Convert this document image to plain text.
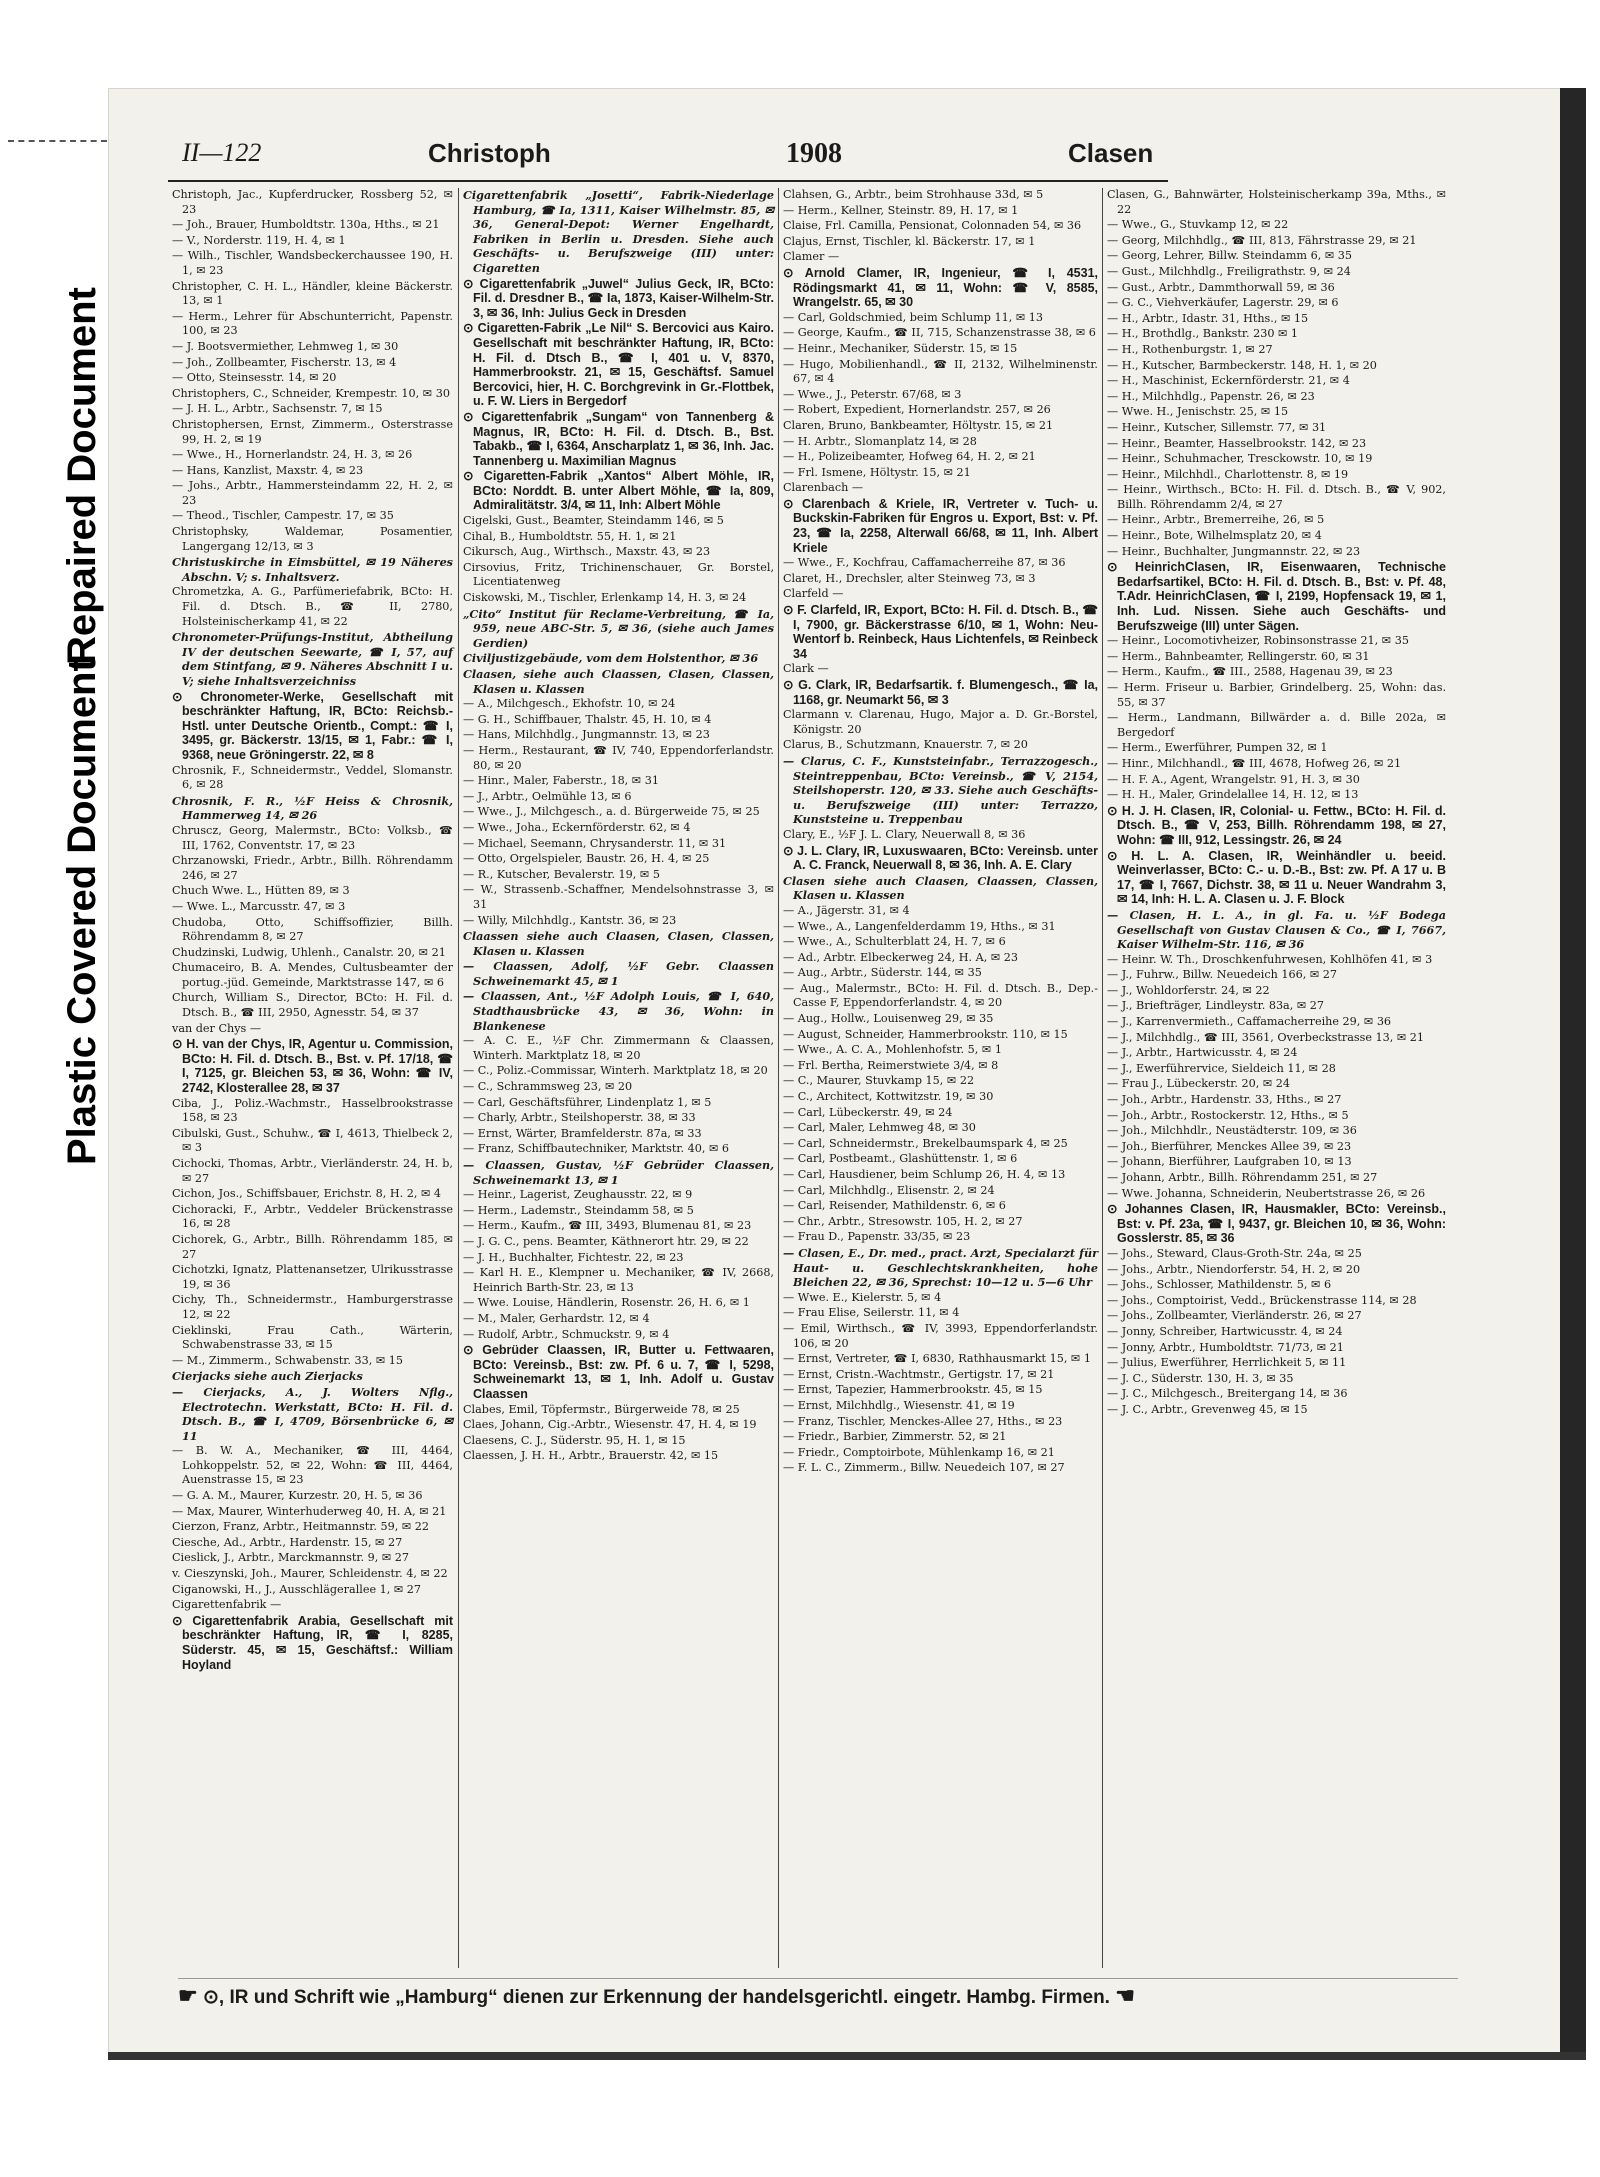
Repaired Document
Plastic Covered Document
II—122	Christoph	1908	Clasen

Christoph, Jac., Kupferdrucker, Rossberg 52, ✉ 23

— Joh., Brauer, Humboldtstr. 130a, Hths., ✉ 21

— V., Norderstr. 119, H. 4, ✉ 1

— Wilh., Tischler, Wandsbeckerchaussee 190, H. 1, ✉ 23

Christopher, C. H. L., Händler, kleine Bäckerstr. 13, ✉ 1

— Herm., Lehrer für Abschunterricht, Papenstr. 100, ✉ 23

— J. Bootsvermiether, Lehmweg 1, ✉ 30

— Joh., Zollbeamter, Fischerstr. 13, ✉ 4

— Otto, Steinsesstr. 14, ✉ 20

Christophers, C., Schneider, Krempestr. 10, ✉ 30

— J. H. L., Arbtr., Sachsenstr. 7, ✉ 15

Christophersen, Ernst, Zimmerm., Osterstrasse 99, H. 2, ✉ 19

— Wwe., H., Hornerlandstr. 24, H. 3, ✉ 26

— Hans, Kanzlist, Maxstr. 4, ✉ 23

— Johs., Arbtr., Hammersteindamm 22, H. 2, ✉ 23

— Theod., Tischler, Campestr. 17, ✉ 35

Christophsky, Waldemar, Posamentier, Langergang 12/13, ✉ 3

Christuskirche in Eimsbüttel, ✉ 19 Näheres Abschn. V; s. Inhaltsverz.

Chrometzka, A. G., Parfümeriefabrik, BCto: H. Fil. d. Dtsch. B., ☎ II, 2780, Holsteinischerkamp 41, ✉ 22

Chronometer-Prüfungs-Institut, Abtheilung IV der deutschen Seewarte, ☎ I, 57, auf dem Stintfang, ✉ 9. Näheres Abschnitt I u. V; siehe Inhaltsverzeichniss

⊙ Chronometer-Werke, Gesellschaft mit beschränkter Haftung, IR, BCto: Reichsb.-Hstl. unter Deutsche Orientb., Compt.: ☎ I, 3495, gr. Bäckerstr. 13/15, ✉ 1, Fabr.: ☎ I, 9368, neue Gröningerstr. 22, ✉ 8

Chrosnik, F., Schneidermstr., Veddel, Slomanstr. 6, ✉ 28

Chrosnik, F. R., ½F Heiss & Chrosnik, Hammerweg 14, ✉ 26

Chruscz, Georg, Malermstr., BCto: Volksb., ☎ III, 1762, Conventstr. 17, ✉ 23

Chrzanowski, Friedr., Arbtr., Billh. Röhrendamm 246, ✉ 27

Chuch Wwe. L., Hütten 89, ✉ 3

— Wwe. L., Marcusstr. 47, ✉ 3

Chudoba, Otto, Schiffsoffizier, Billh. Röhrendamm 8, ✉ 27

Chudzinski, Ludwig, Uhlenh., Canalstr. 20, ✉ 21

Chumaceiro, B. A. Mendes, Cultusbeamter der portug.-jüd. Gemeinde, Marktstrasse 147, ✉ 6

Church, William S., Director, BCto: H. Fil. d. Dtsch. B., ☎ III, 2950, Agnesstr. 54, ✉ 37

van der Chys —

⊙ H. van der Chys, IR, Agentur u. Commission, BCto: H. Fil. d. Dtsch. B., Bst. v. Pf. 17/18, ☎ I, 7125, gr. Bleichen 53, ✉ 36, Wohn: ☎ IV, 2742, Klosterallee 28, ✉ 37

Ciba, J., Poliz.-Wachmstr., Hasselbrookstrasse 158, ✉ 23

Cibulski, Gust., Schuhw., ☎ I, 4613, Thielbeck 2, ✉ 3

Cichocki, Thomas, Arbtr., Vierländerstr. 24, H. b, ✉ 27

Cichon, Jos., Schiffsbauer, Erichstr. 8, H. 2, ✉ 4

Cichoracki, F., Arbtr., Veddeler Brückenstrasse 16, ✉ 28

Cichorek, G., Arbtr., Billh. Röhrendamm 185, ✉ 27

Cichotzki, Ignatz, Plattenansetzer, Ulrikusstrasse 19, ✉ 36

Cichy, Th., Schneidermstr., Hamburgerstrasse 12, ✉ 22

Cieklinski, Frau Cath., Wärterin, Schwabenstrasse 33, ✉ 15

— M., Zimmerm., Schwabenstr. 33, ✉ 15

Cierjacks siehe auch Zierjacks

— Cierjacks, A., J. Wolters Nflg., Electrotechn. Werkstatt, BCto: H. Fil. d. Dtsch. B., ☎ I, 4709, Börsenbrücke 6, ✉ 11

— B. W. A., Mechaniker, ☎ III, 4464, Lohkoppelstr. 52, ✉ 22, Wohn: ☎ III, 4464, Auenstrasse 15, ✉ 23

— G. A. M., Maurer, Kurzestr. 20, H. 5, ✉ 36

— Max, Maurer, Winterhuderweg 40, H. A, ✉ 21

Cierzon, Franz, Arbtr., Heitmannstr. 59, ✉ 22

Ciesche, Ad., Arbtr., Hardenstr. 15, ✉ 27

Cieslick, J., Arbtr., Marckmannstr. 9, ✉ 27

v. Cieszynski, Joh., Maurer, Schleidenstr. 4, ✉ 22

Ciganowski, H., J., Ausschlägerallee 1, ✉ 27

Cigarettenfabrik —

⊙ Cigarettenfabrik Arabia, Gesellschaft mit beschränkter Haftung, IR, ☎ I, 8285, Süderstr. 45, ✉ 15, Geschäftsf.: William Hoyland

Cigarettenfabrik „Josetti“, Fabrik-Niederlage Hamburg, ☎ Ia, 1311, Kaiser Wilhelmstr. 85, ✉ 36, General-Depot: Werner Engelhardt, Fabriken in Berlin u. Dresden. Siehe auch Geschäfts- u. Berufszweige (III) unter: Cigaretten

⊙ Cigarettenfabrik „Juwel“ Julius Geck, IR, BCto: Fil. d. Dresdner B., ☎ Ia, 1873, Kaiser-Wilhelm-Str. 3, ✉ 36, Inh: Julius Geck in Dresden

⊙ Cigaretten-Fabrik „Le Nil“ S. Bercovici aus Kairo. Gesellschaft mit beschränkter Haftung, IR, BCto: H. Fil. d. Dtsch B., ☎ I, 401 u. V, 8370, Hammerbrookstr. 21, ✉ 15, Geschäftsf. Samuel Bercovici, hier, H. C. Borchgrevink in Gr.-Flottbek, u. F. W. Liers in Bergedorf

⊙ Cigarettenfabrik „Sungam“ von Tannenberg & Magnus, IR, BCto: H. Fil. d. Dtsch. B., Bst. Tabakb., ☎ I, 6364, Anscharplatz 1, ✉ 36, Inh. Jac. Tannenberg u. Maximilian Magnus

⊙ Cigaretten-Fabrik „Xantos“ Albert Möhle, IR, BCto: Norddt. B. unter Albert Möhle, ☎ Ia, 809, Admiralitätstr. 3/4, ✉ 11, Inh: Albert Möhle

Cigelski, Gust., Beamter, Steindamm 146, ✉ 5

Cihal, B., Humboldtstr. 55, H. 1, ✉ 21

Cikursch, Aug., Wirthsch., Maxstr. 43, ✉ 23

Cirsovius, Fritz, Trichinenschauer, Gr. Borstel, Licentiatenweg

Ciskowski, M., Tischler, Erlenkamp 14, H. 3, ✉ 24

„Cito“ Institut für Reclame-Verbreitung, ☎ Ia, 959, neue ABC-Str. 5, ✉ 36, (siehe auch James Gerdien)

Civiljustizgebäude, vom dem Holstenthor, ✉ 36

Claasen, siehe auch Claassen, Clasen, Classen, Klasen u. Klassen

— A., Milchgesch., Ekhofstr. 10, ✉ 24

— G. H., Schiffbauer, Thalstr. 45, H. 10, ✉ 4

— Hans, Milchhdlg., Jungmannstr. 13, ✉ 23

— Herm., Restaurant, ☎ IV, 740, Eppendorferlandstr. 80, ✉ 20

— Hinr., Maler, Faberstr., 18, ✉ 31

— J., Arbtr., Oelmühle 13, ✉ 6

— Wwe., J., Milchgesch., a. d. Bürgerweide 75, ✉ 25

— Wwe., Joha., Eckernförderstr. 62, ✉ 4

— Michael, Seemann, Chrysanderstr. 11, ✉ 31

— Otto, Orgelspieler, Baustr. 26, H. 4, ✉ 25

— R., Kutscher, Bevalerstr. 19, ✉ 5

— W., Strassenb.-Schaffner, Mendelsohnstrasse 3, ✉ 31

— Willy, Milchhdlg., Kantstr. 36, ✉ 23

Claassen siehe auch Claasen, Clasen, Classen, Klasen u. Klassen

— Claassen, Adolf, ½F Gebr. Claassen Schweinemarkt 45, ✉ 1

— Claassen, Ant., ½F Adolph Louis, ☎ I, 640, Stadthausbrücke 43, ✉ 36, Wohn: in Blankenese

— A. C. E., ½F Chr. Zimmermann & Claassen, Winterh. Marktplatz 18, ✉ 20

— C., Poliz.-Commissar, Winterh. Marktplatz 18, ✉ 20

— C., Schrammsweg 23, ✉ 20

— Carl, Geschäftsführer, Lindenplatz 1, ✉ 5

— Charly, Arbtr., Steilshoperstr. 38, ✉ 33

— Ernst, Wärter, Bramfelderstr. 87a, ✉ 33

— Franz, Schiffbautechniker, Marktstr. 40, ✉ 6

— Claassen, Gustav, ½F Gebrüder Claassen, Schweinemarkt 13, ✉ 1

— Heinr., Lagerist, Zeughausstr. 22, ✉ 9

— Herm., Lademstr., Steindamm 58, ✉ 5

— Herm., Kaufm., ☎ III, 3493, Blumenau 81, ✉ 23

— J. G. C., pens. Beamter, Käthnerort htr. 29, ✉ 22

— J. H., Buchhalter, Fichtestr. 22, ✉ 23

— Karl H. E., Klempner u. Mechaniker, ☎ IV, 2668, Heinrich Barth-Str. 23, ✉ 13

— Wwe. Louise, Händlerin, Rosenstr. 26, H. 6, ✉ 1

— M., Maler, Gerhardstr. 12, ✉ 4

— Rudolf, Arbtr., Schmuckstr. 9, ✉ 4

⊙ Gebrüder Claassen, IR, Butter u. Fettwaaren, BCto: Vereinsb., Bst: zw. Pf. 6 u. 7, ☎ I, 5298, Schweinemarkt 13, ✉ 1, Inh. Adolf u. Gustav Claassen

Clabes, Emil, Töpfermstr., Bürgerweide 78, ✉ 25

Claes, Johann, Cig.-Arbtr., Wiesenstr. 47, H. 4, ✉ 19

Claesens, C. J., Süderstr. 95, H. 1, ✉ 15

Claessen, J. H. H., Arbtr., Brauerstr. 42, ✉ 15

Clahsen, G., Arbtr., beim Strohhause 33d, ✉ 5

— Herm., Kellner, Steinstr. 89, H. 17, ✉ 1

Claise, Frl. Camilla, Pensionat, Colonnaden 54, ✉ 36

Clajus, Ernst, Tischler, kl. Bäckerstr. 17, ✉ 1

Clamer —

⊙ Arnold Clamer, IR, Ingenieur, ☎ I, 4531, Rödingsmarkt 41, ✉ 11, Wohn: ☎ V, 8585, Wrangelstr. 65, ✉ 30

— Carl, Goldschmied, beim Schlump 11, ✉ 13

— George, Kaufm., ☎ II, 715, Schanzenstrasse 38, ✉ 6

— Heinr., Mechaniker, Süderstr. 15, ✉ 15

— Hugo, Mobilienhandl., ☎ II, 2132, Wilhelminenstr. 67, ✉ 4

— Wwe., J., Peterstr. 67/68, ✉ 3

— Robert, Expedient, Hornerlandstr. 257, ✉ 26

Claren, Bruno, Bankbeamter, Höltystr. 15, ✉ 21

— H. Arbtr., Slomanplatz 14, ✉ 28

— H., Polizeibeamter, Hofweg 64, H. 2, ✉ 21

— Frl. Ismene, Höltystr. 15, ✉ 21

Clarenbach —

⊙ Clarenbach & Kriele, IR, Vertreter v. Tuch- u. Buckskin-Fabriken für Engros u. Export, Bst: v. Pf. 23, ☎ Ia, 2258, Alterwall 66/68, ✉ 11, Inh. Albert Kriele

— Wwe., F., Kochfrau, Caffamacherreihe 87, ✉ 36

Claret, H., Drechsler, alter Steinweg 73, ✉ 3

Clarfeld —

⊙ F. Clarfeld, IR, Export, BCto: H. Fil. d. Dtsch. B., ☎ I, 7900, gr. Bäckerstrasse 6/10, ✉ 1, Wohn: Neu-Wentorf b. Reinbeck, Haus Lichtenfels, ✉ Reinbeck 34

Clark —

⊙ G. Clark, IR, Bedarfsartik. f. Blumengesch., ☎ Ia, 1168, gr. Neumarkt 56, ✉ 3

Clarmann v. Clarenau, Hugo, Major a. D. Gr.-Borstel, Königstr. 20

Clarus, B., Schutzmann, Knauerstr. 7, ✉ 20

— Clarus, C. F., Kunststeinfabr., Terrazzogesch., Steintreppenbau, BCto: Vereinsb., ☎ V, 2154, Steilshoperstr. 120, ✉ 33. Siehe auch Geschäfts- u. Berufszweige (III) unter: Terrazzo, Kunststeine u. Treppenbau

Clary, E., ½F J. L. Clary, Neuerwall 8, ✉ 36

⊙ J. L. Clary, IR, Luxuswaaren, BCto: Vereinsb. unter A. C. Franck, Neuerwall 8, ✉ 36, Inh. A. E. Clary

Clasen siehe auch Claasen, Claassen, Classen, Klasen u. Klassen

— A., Jägerstr. 31, ✉ 4

— Wwe., A., Langenfelderdamm 19, Hths., ✉ 31

— Wwe., A., Schulterblatt 24, H. 7, ✉ 6

— Ad., Arbtr. Elbeckerweg 24, H. A, ✉ 23

— Aug., Arbtr., Süderstr. 144, ✉ 35

— Aug., Malermstr., BCto: H. Fil. d. Dtsch. B., Dep.-Casse F, Eppendorferlandstr. 4, ✉ 20

— Aug., Hollw., Louisenweg 29, ✉ 35

— August, Schneider, Hammerbrookstr. 110, ✉ 15

— Wwe., A. C. A., Mohlenhofstr. 5, ✉ 1

— Frl. Bertha, Reimerstwiete 3/4, ✉ 8

— C., Maurer, Stuvkamp 15, ✉ 22

— C., Architect, Kottwitzstr. 19, ✉ 30

— Carl, Lübeckerstr. 49, ✉ 24

— Carl, Maler, Lehmweg 48, ✉ 30

— Carl, Schneidermstr., Brekelbaumspark 4, ✉ 25

— Carl, Postbeamt., Glashüttenstr. 1, ✉ 6

— Carl, Hausdiener, beim Schlump 26, H. 4, ✉ 13

— Carl, Milchhdlg., Elisenstr. 2, ✉ 24

— Carl, Reisender, Mathildenstr. 6, ✉ 6

— Chr., Arbtr., Stresowstr. 105, H. 2, ✉ 27

— Frau D., Papenstr. 33/35, ✉ 23

— Clasen, E., Dr. med., pract. Arzt, Specialarzt für Haut- u. Geschlechtskrankheiten, hohe Bleichen 22, ✉ 36, Sprechst: 10—12 u. 5—6 Uhr

— Wwe. E., Kielerstr. 5, ✉ 4

— Frau Elise, Seilerstr. 11, ✉ 4

— Emil, Wirthsch., ☎ IV, 3993, Eppendorferlandstr. 106, ✉ 20

— Ernst, Vertreter, ☎ I, 6830, Rathhausmarkt 15, ✉ 1

— Ernst, Cristn.-Wachtmstr., Gertigstr. 17, ✉ 21

— Ernst, Tapezier, Hammerbrookstr. 45, ✉ 15

— Ernst, Milchhdlg., Wiesenstr. 41, ✉ 19

— Franz, Tischler, Menckes-Allee 27, Hths., ✉ 23

— Friedr., Barbier, Zimmerstr. 52, ✉ 21

— Friedr., Comptoirbote, Mühlenkamp 16, ✉ 21

— F. L. C., Zimmerm., Billw. Neuedeich 107, ✉ 27

Clasen, G., Bahnwärter, Holsteinischerkamp 39a, Mths., ✉ 22

— Wwe., G., Stuvkamp 12, ✉ 22

— Georg, Milchhdlg., ☎ III, 813, Fährstrasse 29, ✉ 21

— Georg, Lehrer, Billw. Steindamm 6, ✉ 35

— Gust., Milchhdlg., Freiligrathstr. 9, ✉ 24

— Gust., Arbtr., Dammthorwall 59, ✉ 36

— G. C., Viehverkäufer, Lagerstr. 29, ✉ 6

— H., Arbtr., Idastr. 31, Hths., ✉ 15

— H., Brothdlg., Bankstr. 230 ✉ 1

— H., Rothenburgstr. 1, ✉ 27

— H., Kutscher, Barmbeckerstr. 148, H. 1, ✉ 20

— H., Maschinist, Eckernförderstr. 21, ✉ 4

— H., Milchhdlg., Papenstr. 26, ✉ 23

— Wwe. H., Jenischstr. 25, ✉ 15

— Heinr., Kutscher, Sillemstr. 77, ✉ 31

— Heinr., Beamter, Hasselbrookstr. 142, ✉ 23

— Heinr., Schuhmacher, Tresckowstr. 10, ✉ 19

— Heinr., Milchhdl., Charlottenstr. 8, ✉ 19

— Heinr., Wirthsch., BCto: H. Fil. d. Dtsch. B., ☎ V, 902, Billh. Röhrendamm 2/4, ✉ 27

— Heinr., Arbtr., Bremerreihe, 26, ✉ 5

— Heinr., Bote, Wilhelmsplatz 20, ✉ 4

— Heinr., Buchhalter, Jungmannstr. 22, ✉ 23

⊙ HeinrichClasen, IR, Eisenwaaren, Technische Bedarfsartikel, BCto: H. Fil. d. Dtsch. B., Bst: v. Pf. 48, T.Adr. HeinrichClasen, ☎ I, 2199, Hopfensack 19, ✉ 1, Inh. Lud. Nissen. Siehe auch Geschäfts- und Berufszweige (III) unter Sägen.

— Heinr., Locomotivheizer, Robinsonstrasse 21, ✉ 35

— Herm., Bahnbeamter, Rellingerstr. 60, ✉ 31

— Herm., Kaufm., ☎ III., 2588, Hagenau 39, ✉ 23

— Herm. Friseur u. Barbier, Grindelberg. 25, Wohn: das. 55, ✉ 37

— Herm., Landmann, Billwärder a. d. Bille 202a, ✉ Bergedorf

— Herm., Ewerführer, Pumpen 32, ✉ 1

— Hinr., Milchhandl., ☎ III, 4678, Hofweg 26, ✉ 21

— H. F. A., Agent, Wrangelstr. 91, H. 3, ✉ 30

— H. H., Maler, Grindelallee 14, H. 12, ✉ 13

⊙ H. J. H. Clasen, IR, Colonial- u. Fettw., BCto: H. Fil. d. Dtsch. B., ☎ V, 253, Billh. Röhrendamm 198, ✉ 27, Wohn: ☎ III, 912, Lessingstr. 26, ✉ 24

⊙ H. L. A. Clasen, IR, Weinhändler u. beeid. Weinverlasser, BCto: C.- u. D.-B., Bst: zw. Pf. A 17 u. B 17, ☎ I, 7667, Dichstr. 38, ✉ 11 u. Neuer Wandrahm 3, ✉ 14, Inh: H. L. A. Clasen u. J. F. Block

— Clasen, H. L. A., in gl. Fa. u. ½F Bodega Gesellschaft von Gustav Clausen & Co., ☎ I, 7667, Kaiser Wilhelm-Str. 116, ✉ 36

— Heinr. W. Th., Droschkenfuhrwesen, Kohlhöfen 41, ✉ 3

— J., Fuhrw., Billw. Neuedeich 166, ✉ 27

— J., Wohldorferstr. 24, ✉ 22

— J., Briefträger, Lindleystr. 83a, ✉ 27

— J., Karrenvermieth., Caffamacherreihe 29, ✉ 36

— J., Milchhdlg., ☎ III, 3561, Overbeckstrasse 13, ✉ 21

— J., Arbtr., Hartwicusstr. 4, ✉ 24

— J., Ewerführervice, Sieldeich 11, ✉ 28

— Frau J., Lübeckerstr. 20, ✉ 24

— Joh., Arbtr., Hardenstr. 33, Hths., ✉ 27

— Joh., Arbtr., Rostockerstr. 12, Hths., ✉ 5

— Joh., Milchhdlr., Neustädterstr. 109, ✉ 36

— Joh., Bierführer, Menckes Allee 39, ✉ 23

— Johann, Bierführer, Laufgraben 10, ✉ 13

— Johann, Arbtr., Billh. Röhrendamm 251, ✉ 27

— Wwe. Johanna, Schneiderin, Neubertstrasse 26, ✉ 26

⊙ Johannes Clasen, IR, Hausmakler, BCto: Vereinsb., Bst: v. Pf. 23a, ☎ I, 9437, gr. Bleichen 10, ✉ 36, Wohn: Gosslerstr. 85, ✉ 36

— Johs., Steward, Claus-Groth-Str. 24a, ✉ 25

— Johs., Arbtr., Niendorferstr. 54, H. 2, ✉ 20

— Johs., Schlosser, Mathildenstr. 5, ✉ 6

— Johs., Comptoirist, Vedd., Brückenstrasse 114, ✉ 28

— Johs., Zollbeamter, Vierländerstr. 26, ✉ 27

— Jonny, Schreiber, Hartwicusstr. 4, ✉ 24

— Jonny, Arbtr., Humboldtstr. 71/73, ✉ 21

— Julius, Ewerführer, Herrlichkeit 5, ✉ 11

— J. C., Süderstr. 130, H. 3, ✉ 35

— J. C., Milchgesch., Breitergang 14, ✉ 36

— J. C., Arbtr., Grevenweg 45, ✉ 15

☛ ⊙, IR und Schrift wie „Hamburg“ dienen zur Erkennung der handelsgerichtl. eingetr. Hambg. Firmen. ☚
